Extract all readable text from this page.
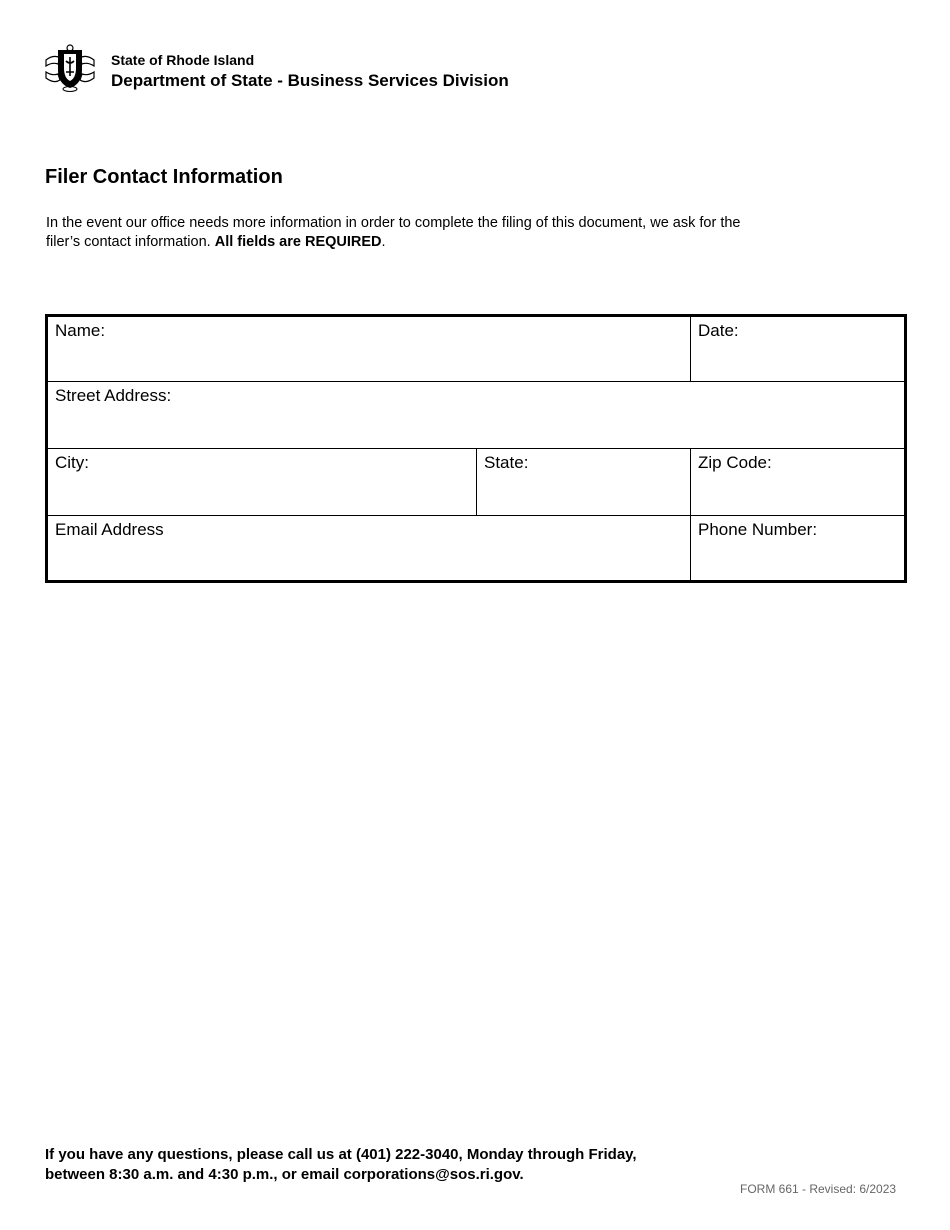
State of Rhode Island
Department of State - Business Services Division
Filer Contact Information
In the event our office needs more information in order to complete the filing of this document, we ask for the
filer’s contact information. All fields are REQUIRED.
Name:	Date:
Street Address:
City:	State:	Zip Code:
Email Address	Phone Number:
If you have any questions, please call us at (401) 222-3040, Monday through Friday,
between 8:30 a.m. and 4:30 p.m., or email corporations@sos.ri.gov.
FORM 661 - Revised: 6/2023
